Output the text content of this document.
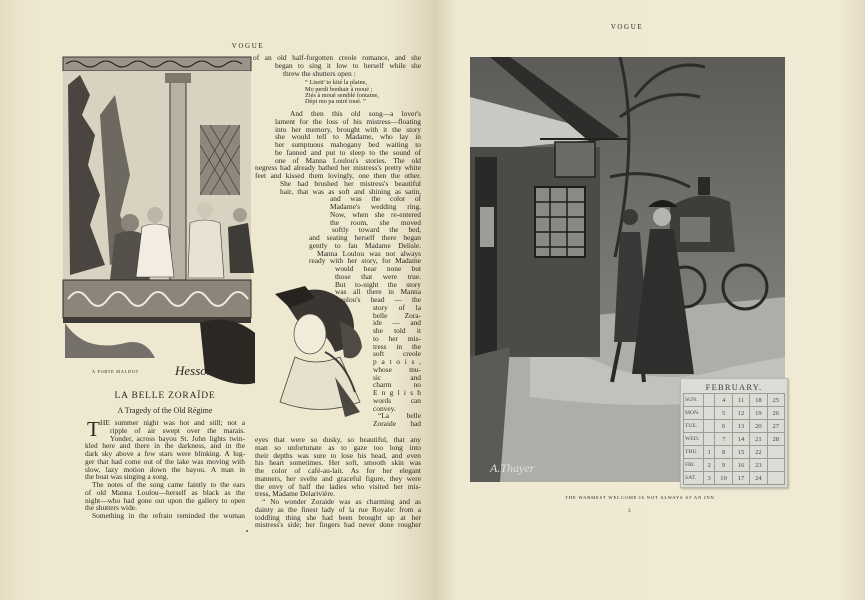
VOGUE
VOGUE
Hesson
A FORTE MALDOT
LA BELLE ZORAÏDE
A Tragedy of the Old Régime
T
of an old half-forgotten creole romance, and she
began to sing it low to herself while she
threw the shutters open :
“ Lisett' to kité la plaine,
Mo perdi bonhair à moué ;
Ziés à moué semblé fontaine,
Dépi mo pa miré toué. ”
And then this old song—a lover's
lament for the loss of his mistress—floating
into her memory, brought with it the story
she would tell to Madame, who lay in
her sumptuous mahogany bed waiting to
be fanned and put to sleep to the sound of
one of Manna Loulou's stories. The old
negress had already bathed her mistress's pretty white
feet and kissed them lovingly, one then the other.
She had brushed her mistress's beautiful
hair, that was as soft and shining as satin,
and was the color of
Madame's wedding ring.
Now, when she re-entered
the room, she moved
softly toward the bed,
and seating herself there began
gently to fan Madame Delisle.
Manna Loulou was not always
ready with her story, for Madame
would hear none but
those that were true.
But to-night the story
was all there in Manna
Loulou's head — the
story of la
belle Zora-
ide — and
she told it
to her mis-
tress in the
soft creole
p a t o i s ,
whose mu-
sic and
charm no
E n g l i s h
words can
convey.
“La belle
Zoraide had
HE summer night was hot and still; not a
ripple of air swept over the marais.
Yonder, across bayou St. John lights twin-
kled here and there in the darkness, and in the
dark sky above a few stars were blinking. A lug-
ger that had come out of the lake was moving with
slow, lazy motion down the bayou. A man in
the boat was singing a song.
The notes of the song came faintly to the ears
of old Manna Loulou—herself as black as the
night—who had gone out upon the gallery to open
the shutters wide.
Something in the refrain reminded the woman
eyes that were so dusky, so beautiful, that any
man so unfortunate as to gaze too long into
their depths was sure to lose his head, and even
his heart sometimes. Her soft, smooth skin was
the color of café-au-lait. As for her elegant
manners, her svelte and graceful figure, they were
the envy of half the ladies who visited her mis-
tress, Madame Delarivière.
“ No wonder Zoraide was as charming and as
dainty as the finest lady of la rue Royale: from a
toddling thing she had been brought up at her
mistress's side; her fingers had never done rougher
A.Thayer
FEBRUARY.
SUN.		4	11	18	25
MON.		5	12	19	26
TUE.		6	13	20	27
WED.		7	14	21	28
THU.	1	8	15	22	
FRI.	2	9	16	23	
SAT.	3	10	17	24	
THE WARMEST WELCOME IS NOT ALWAYS AT AN INN
3
